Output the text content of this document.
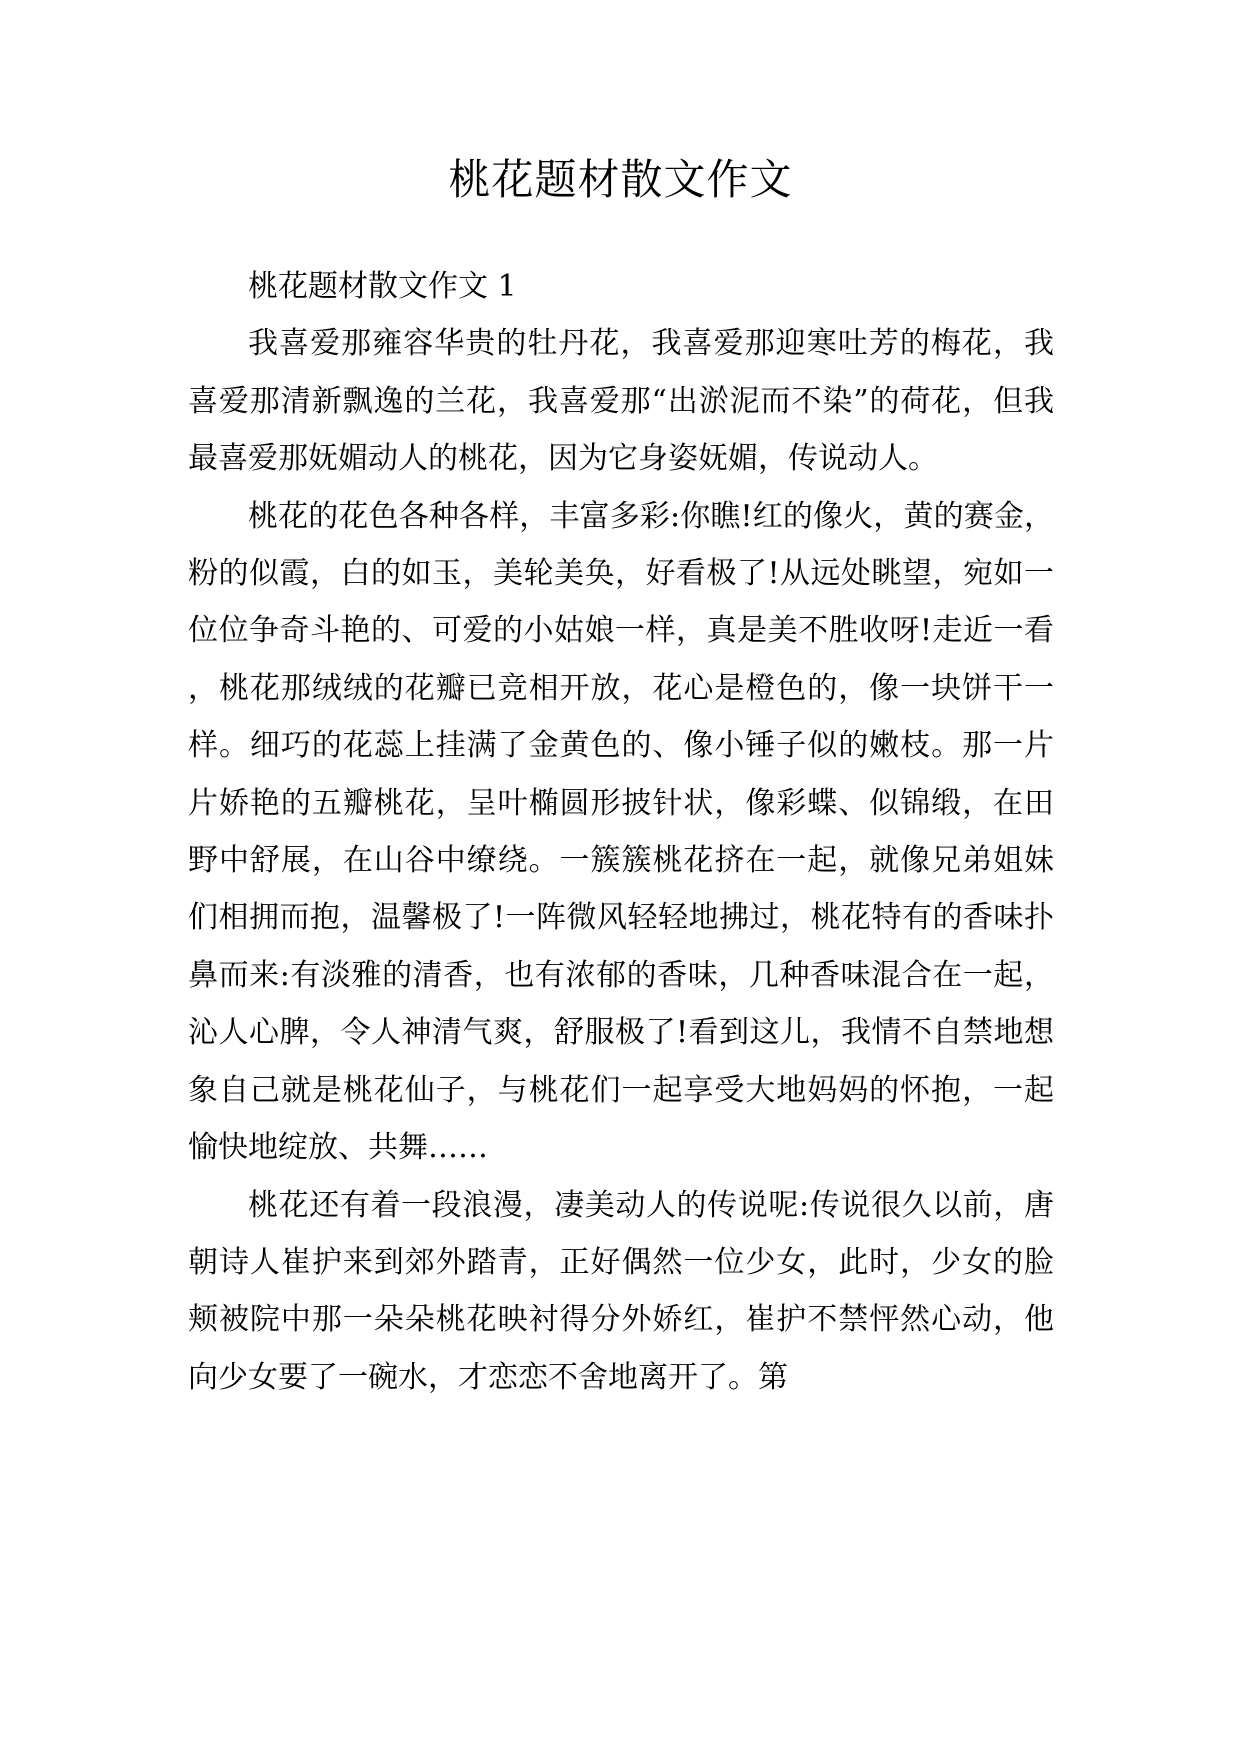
桃花题材散文作文

桃花题材散文作文 1

我喜爱那雍容华贵的牡丹花，我喜爱那迎寒吐芳的梅花，我喜爱那清新飘逸的兰花，我喜爱那“出淤泥而不染”的荷花，但我最喜爱那妩媚动人的桃花，因为它身姿妩媚，传说动人。

桃花的花色各种各样，丰富多彩:你瞧!红的像火，黄的赛金，粉的似霞，白的如玉，美轮美奂，好看极了!从远处眺望，宛如一位位争奇斗艳的、可爱的小姑娘一样，真是美不胜收呀!走近一看，桃花那绒绒的花瓣已竞相开放，花心是橙色的，像一块饼干一样。细巧的花蕊上挂满了金黄色的、像小锤子似的嫩枝。那一片片娇艳的五瓣桃花，呈叶椭圆形披针状，像彩蝶、似锦缎，在田野中舒展，在山谷中缭绕。一簇簇桃花挤在一起，就像兄弟姐妹们相拥而抱，温馨极了!一阵微风轻轻地拂过，桃花特有的香味扑鼻而来:有淡雅的清香，也有浓郁的香味，几种香味混合在一起，沁人心脾，令人神清气爽，舒服极了!看到这儿，我情不自禁地想象自己就是桃花仙子，与桃花们一起享受大地妈妈的怀抱，一起愉快地绽放、共舞……

桃花还有着一段浪漫，凄美动人的传说呢:传说很久以前，唐朝诗人崔护来到郊外踏青，正好偶然一位少女，此时，少女的脸颊被院中那一朵朵桃花映衬得分外娇红，崔护不禁怦然心动，他向少女要了一碗水，才恋恋不舍地离开了。第
